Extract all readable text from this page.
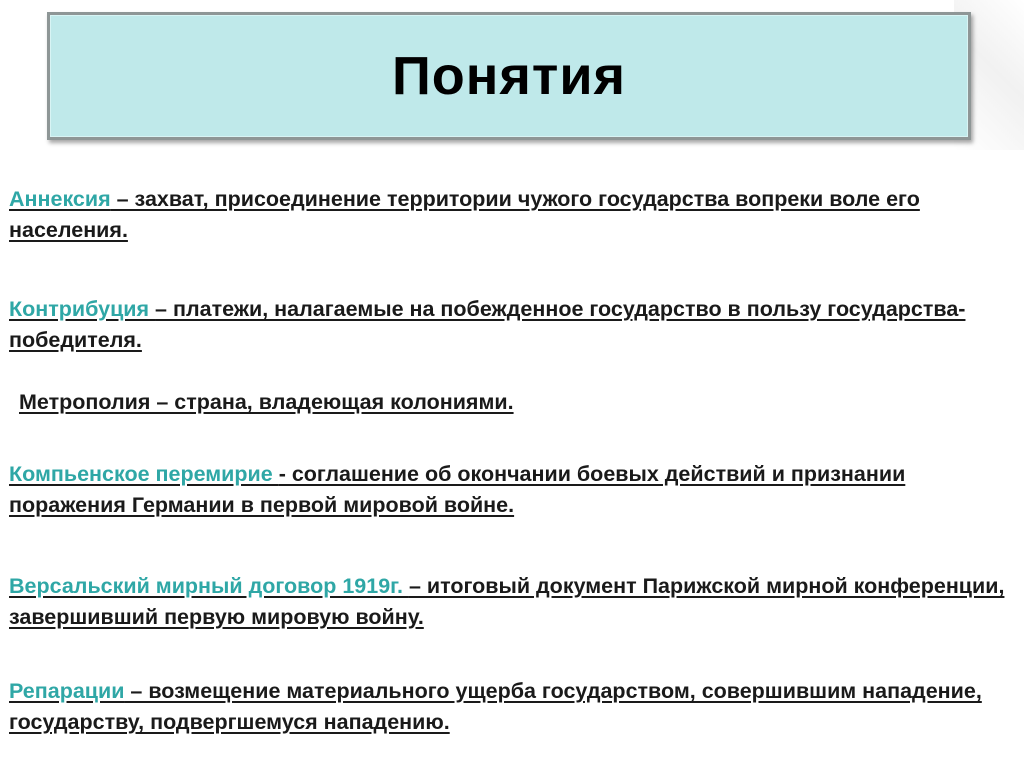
Понятия
Аннексия – захват, присоединение территории чужого государства вопреки воле его населения.
Контрибуция – платежи, налагаемые на побежденное государство в пользу государства-победителя.
Метрополия – страна, владеющая колониями.
Компьенское перемирие - соглашение об окончании боевых действий и признании поражения Германии в первой мировой войне.
Версальский мирный договор 1919г. – итоговый документ Парижской мирной конференции, завершивший первую мировую войну.
Репарации – возмещение материального ущерба государством, совершившим нападение, государству, подвергшемуся нападению.
